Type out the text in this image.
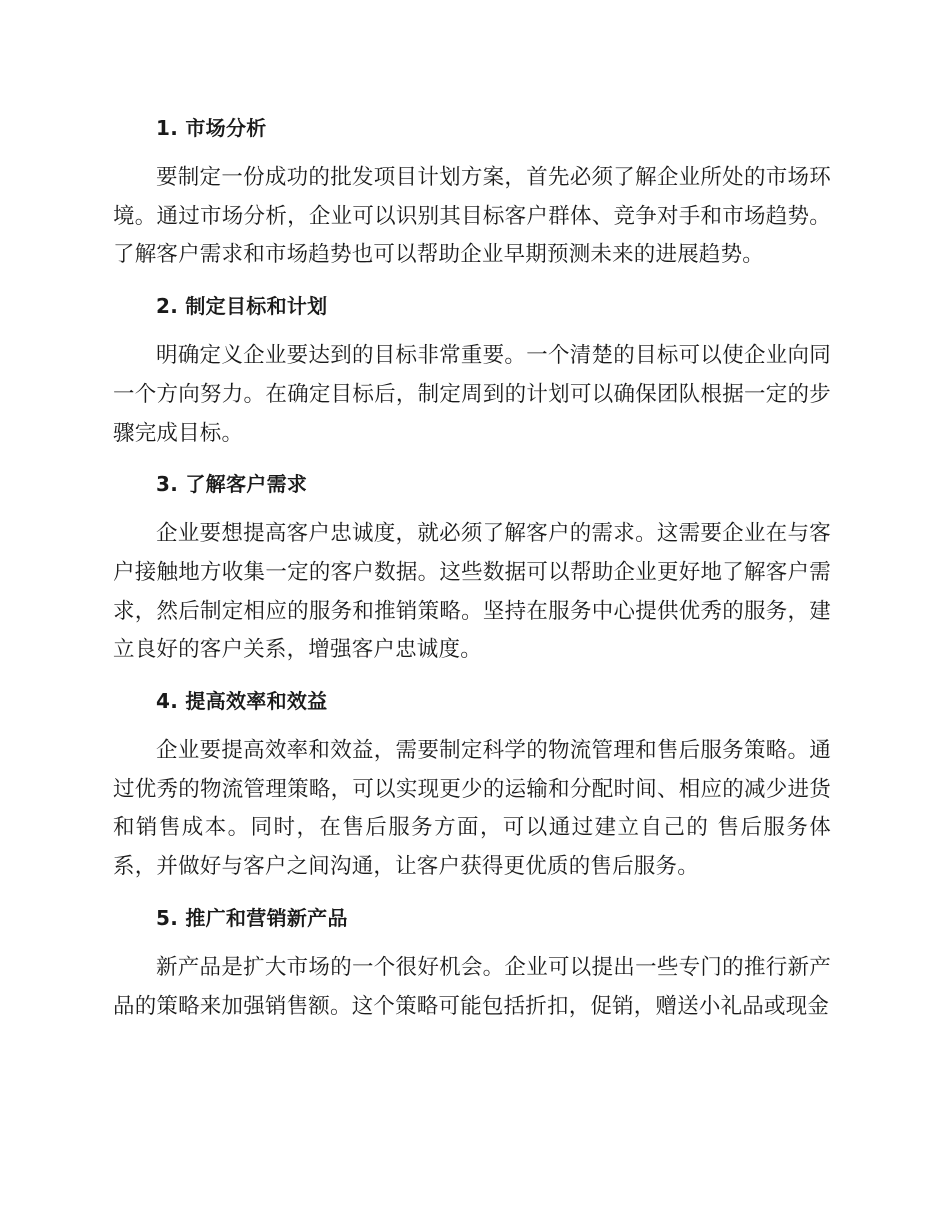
1. 市场分析

要制定一份成功的批发项目计划方案，首先必须了解企业所处的市场环境。通过市场分析，企业可以识别其目标客户群体、竞争对手和市场趋势。了解客户需求和市场趋势也可以帮助企业早期预测未来的进展趋势。

2. 制定目标和计划

明确定义企业要达到的目标非常重要。一个清楚的目标可以使企业向同一个方向努力。在确定目标后，制定周到的计划可以确保团队根据一定的步骤完成目标。

3. 了解客户需求

企业要想提高客户忠诚度，就必须了解客户的需求。这需要企业在与客户接触地方收集一定的客户数据。这些数据可以帮助企业更好地了解客户需求，然后制定相应的服务和推销策略。坚持在服务中心提供优秀的服务，建立良好的客户关系，增强客户忠诚度。

4. 提高效率和效益

企业要提高效率和效益，需要制定科学的物流管理和售后服务策略。通过优秀的物流管理策略，可以实现更少的运输和分配时间、相应的减少进货和销售成本。同时，在售后服务方面，可以通过建立自己的 售后服务体系，并做好与客户之间沟通，让客户获得更优质的售后服务。

5. 推广和营销新产品

新产品是扩大市场的一个很好机会。企业可以提出一些专门的推行新产品的策略来加强销售额。这个策略可能包括折扣，促销，赠送小礼品或现金
